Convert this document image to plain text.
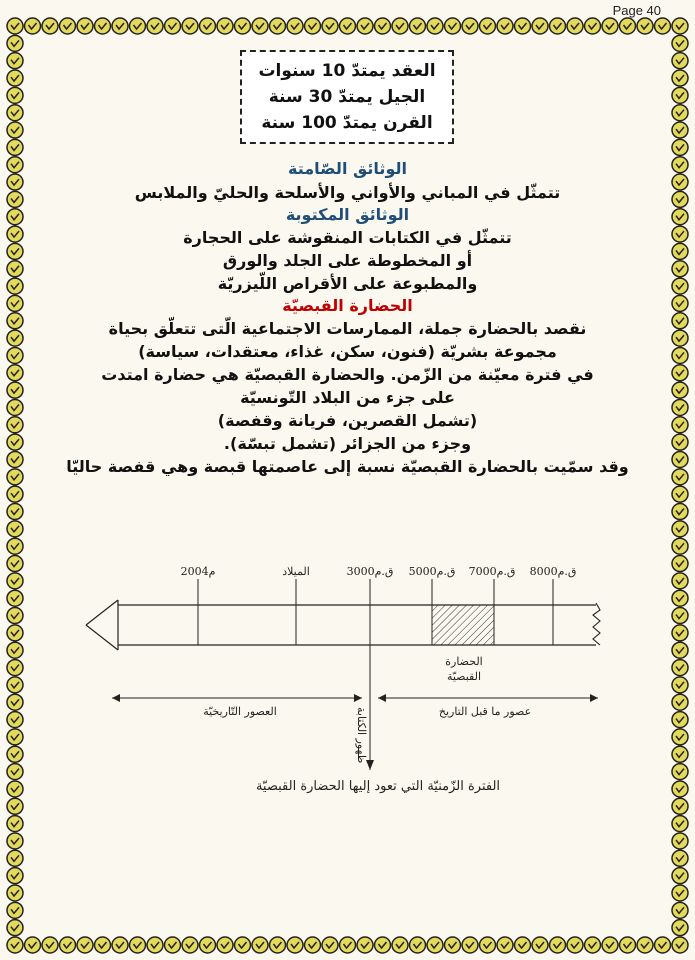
Page 40
العقد يمتدّ 10 سنوات
الجيل يمتدّ 30 سنة
القرن يمتدّ 100 سنة
الوثائق الصّامتة
تتمثّل في المباني والأواني والأسلحة والحليّ والملابس
الوثائق المكتوبة
تتمثّل في الكتابات المنقوشة على الحجارة
أو المخطوطة على الجلد والورق
والمطبوعة على الأقراص اللّيزريّة
الحضارة القبصيّة
نقصد بالحضارة جملة، الممارسات الاجتماعية الّتى تتعلّق بحياة
مجموعة بشريّة (فنون، سكن، غذاء، معتقدات، سياسة)
في فترة معيّنة من الزّمن. والحضارة القبصيّة هي حضارة امتدت
على جزء من البلاد التّونسيّة
(تشمل القصرين، فريانة وقفصة)
وجزء من الجزائر (تشمل تبسّة).
وقد سمّيت بالحضارة القبصيّة نسبة إلى عاصمتها قبصة وهي قفصة حاليّا
2004م	الميلاد	3000ق.م 5000ق.م 7000ق.م 8000ق.م
الحضارة
القبصيّة
العصور التّاريخيّة	عصور ما قبل التاريخ
ظهور الكتابة
الفترة الزّمنيّة التي تعود إليها الحضارة القبصيّة
